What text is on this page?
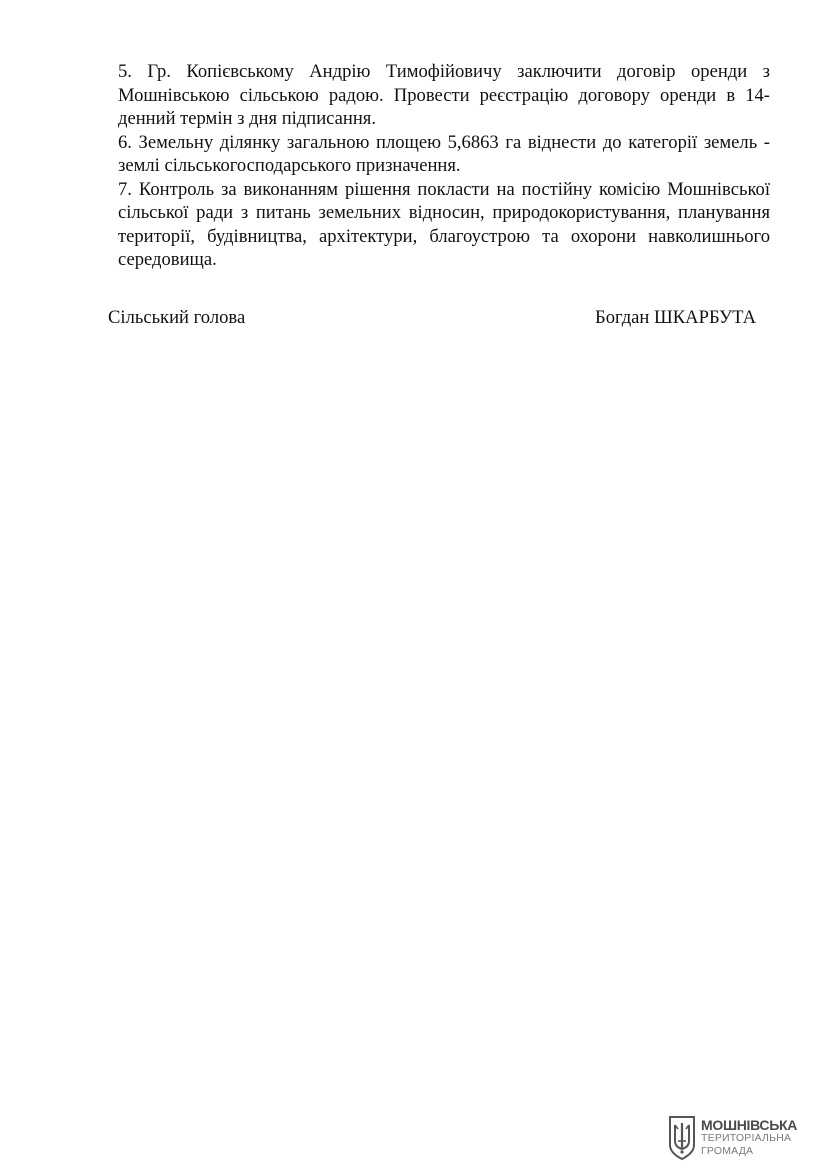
5. Гр. Копієвському Андрію Тимофійовичу заключити договір оренди з Мошнівською сільською радою. Провести реєстрацію договору оренди в 14-денний термін з дня підписання.

6. Земельну ділянку загальною площею 5,6863 га віднести до категорії земель - землі сільськогосподарського призначення.

7. Контроль за виконанням рішення покласти на постійну комісію Мошнівської сільської ради з питань земельних відносин, природокористування, планування території, будівництва, архітектури, благоустрою та охорони навколишнього середовища.

Сільський голова	Богдан ШКАРБУТА
МОШНІВСЬКА
ТЕРИТОРІАЛЬНА
ГРОМАДА
